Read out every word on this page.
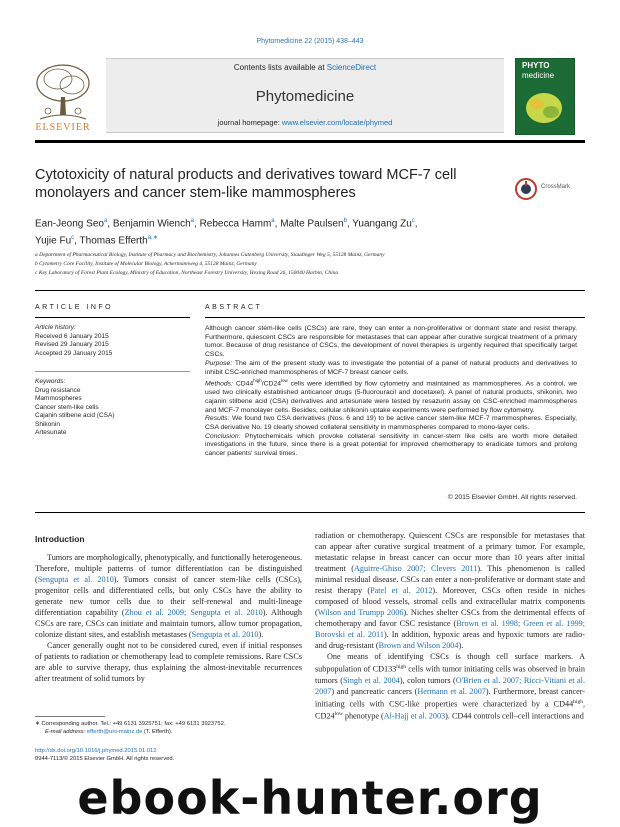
Phytomedicine 22 (2015) 438–443
Contents lists available at ScienceDirect
Phytomedicine
journal homepage: www.elsevier.com/locate/phymed
ELSEVIER
PHYTO
medicine
Cytotoxicity of natural products and derivatives toward MCF-7 cell monolayers and cancer stem-like mammospheres	CrossMark
Ean-Jeong Seo$^a$, Benjamin Wiench$^a$, Rebecca Hamm$^a$, Malte Paulsen$^b$, Yuangang Zu$^c$,
Yujie Fu$^c$, Thomas Efferth$^{a,∗}$
a Department of Pharmaceutical Biology, Institute of Pharmacy and Biochemistry, Johannes Gutenberg University, Staudinger Weg 5, 55128 Mainz, Germany
b Cytometry Core Facility, Institute of Molecular Biology, Ackermannweg 4, 55128 Mainz, Germany
c Key Laboratory of Forest Plant Ecology, Ministry of Education, Northeast Forestry University, Hexing Road 26, 150040 Harbin, China
ARTICLE INFO
Article history:
Received 6 January 2015
Revised 29 January 2015
Accepted 29 January 2015
Keywords:
Drug resistance
Mammospheres
Cancer stem-like cells
Cajanin stilbene acid (CSA)
Shikonin
Artesunate
ABSTRACT

Although cancer stem-like cells (CSCs) are rare, they can enter a non-proliferative or dormant state and resist therapy. Furthermore, quiescent CSCs are responsible for metastases that can appear after curative surgical treatment of a primary tumor. Because of drug resistance of CSCs, the development of novel therapies is urgently required that specifically target CSCs.

Purpose: The aim of the present study was to investigate the potential of a panel of natural products and derivatives to inhibit CSC-enriched mammospheres of MCF-7 breast cancer cells.

Methods: $CD44^{high}/CD24^{low}$ cells were identified by flow cytometry and maintained as mammospheres. As a control, we used two clinically established anticancer drugs (5-fluorouracil and docetaxel). A panel of natural products, shikonin, two cajanin stilbene acid (CSA) derivatives and artesunate were tested by resazurin assay on CSC-enriched mammospheres and MCF-7 monolayer cells. Besides, cellular shikonin uptake experiments were performed by flow cytometry.

Results: We found two CSA derivatives (Nos. 6 and 19) to be active cancer stem-like MCF-7 mammospheres. Especially, CSA derivative No. 19 clearly showed collateral sensitivity in mammospheres compared to mono-layer cells.

Conclusion: Phytochemicals which provoke collateral sensitivity in cancer-stem like cells are worth more detailed investigations in the future, since there is a great potential for improved chemotherapy to eradicate tumors and prolong cancer patients' survival times.

© 2015 Elsevier GmbH. All rights reserved.
Introduction

Tumors are morphologically, phenotypically, and functionally heterogeneous. Therefore, multiple patterns of tumor differentiation can be distinguished (Sengupta et al. 2010). Tumors consist of cancer stem-like cells (CSCs), progenitor cells and differentiated cells, but only CSCs have the ability to generate new tumor cells due to their self-renewal and multi-lineage differentiation capability (Zhou et al. 2009; Sengupta et al. 2010). Although CSCs are rare, CSCs can initiate and maintain tumors, allow tumor propagation, colonize distant sites, and establish metastases (Sengupta et al. 2010).

Cancer generally ought not to be considered cured, even if initial responses of patients to radiation or chemotherapy lead to complete remissions. Rare CSCs are able to survive therapy, thus explaining the almost-inevitable recurrences after treatment of solid tumors by

radiation or chemotherapy. Quiescent CSCs are responsible for metastases that can appear after curative surgical treatment of a primary tumor. For example, metastatic relapse in breast cancer can occur more than 10 years after initial treatment (Aguirre-Ghiso 2007; Clevers 2011). This phenomenon is called minimal residual disease. CSCs can enter a non-proliferative or dormant state and resist therapy (Patel et al. 2012). Moreover, CSCs often reside in niches composed of blood vessels, stromal cells and extracellular matrix components (Wilson and Trumpp 2006). Niches shelter CSCs from the detrimental effects of chemotherapy and favor CSC resistance (Brown et al. 1998; Green et al. 1999; Borovski et al. 2011). In addition, hypoxic areas and hypoxic tumors are radio- and drug-resistant (Brown and Wilson 2004).

One means of identifying CSCs is though cell surface markers. A subpopulation of $CD133^{high}$ cells with tumor initiating cells was observed in brain tumors (Singh et al. 2004), colon tumors (O'Brien et al. 2007; Ricci-Vitiani et al. 2007) and pancreatic cancers (Hermann et al. 2007). Furthermore, breast cancer-initiating cells with CSC-like properties were characterized by a $CD44^{high}$, $CD24^{low}$ phenotype (Al-Hajj et al. 2003). CD44 controls cell–cell interactions and

∗ Corresponding author. Tel.: +49 6131 3925751; fax: +49 6131 3923752.
E-mail address: efferth@uni-mainz.de (T. Efferth).
http://dx.doi.org/10.1016/j.phymed.2015.01.012
0944-7113/© 2015 Elsevier GmbH. All rights reserved.
ebook-hunter.org
